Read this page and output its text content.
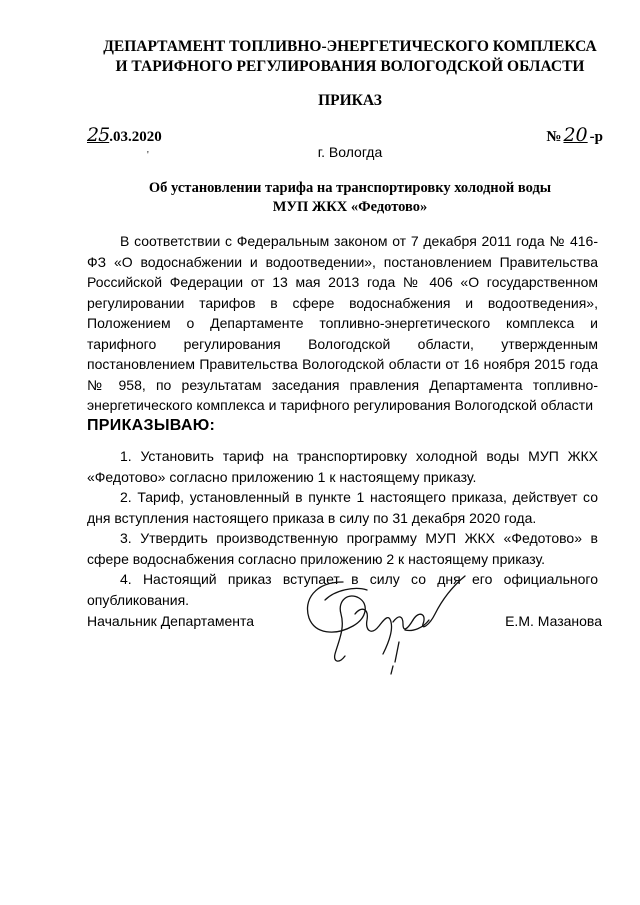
ДЕПАРТАМЕНТ ТОПЛИВНО-ЭНЕРГЕТИЧЕСКОГО КОМПЛЕКСА
И ТАРИФНОГО РЕГУЛИРОВАНИЯ ВОЛОГОДСКОЙ ОБЛАСТИ
ПРИКАЗ
25.03.2020	№ 20 -р
'	г. Вологда
Об установлении тарифа на транспортировку холодной воды
МУП ЖКХ «Федотово»

В соответствии с Федеральным законом от 7 декабря 2011 года № 416-ФЗ «О водоснабжении и водоотведении», постановлением Правительства Российской Федерации от 13 мая 2013 года № 406 «О государственном регулировании тарифов в сфере водоснабжения и водоотведения», Положением о Департаменте топливно-энергетического комплекса и тарифного регулирования Вологодской области, утвержденным постановлением Правительства Вологодской области от 16 ноября 2015 года № 958, по результатам заседания правления Департамента топливно-энергетического комплекса и тарифного регулирования Вологодской области

ПРИКАЗЫВАЮ:

1. Установить тариф на транспортировку холодной воды МУП ЖКХ «Федотово» согласно приложению 1 к настоящему приказу.

2. Тариф, установленный в пункте 1 настоящего приказа, действует со дня вступления настоящего приказа в силу по 31 декабря 2020 года.

3. Утвердить производственную программу МУП ЖКХ «Федотово» в сфере водоснабжения согласно приложению 2 к настоящему приказу.

4. Настоящий приказ вступает в силу со дня его официального опубликования.

Начальник Департамента	Е.М. Мазанова
